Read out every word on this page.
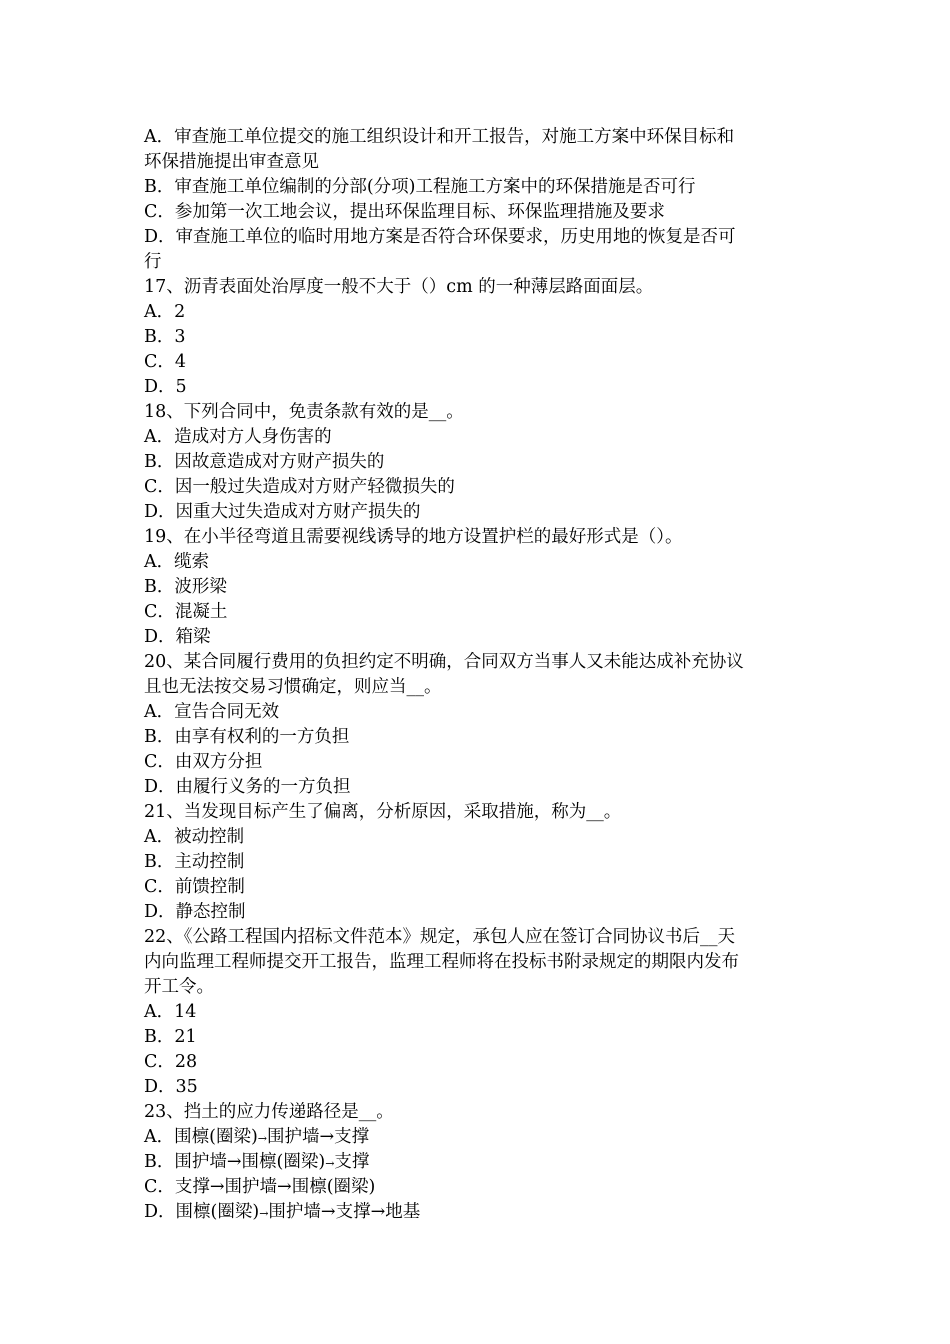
A．审查施工单位提交的施工组织设计和开工报告，对施工方案中环保目标和
环保措施提出审查意见
B．审查施工单位编制的分部(分项)工程施工方案中的环保措施是否可行
C．参加第一次工地会议，提出环保监理目标、环保监理措施及要求
D．审查施工单位的临时用地方案是否符合环保要求，历史用地的恢复是否可
行
17、沥青表面处治厚度一般不大于（）cm 的一种薄层路面面层。
A．2
B．3
C．4
D．5
18、下列合同中，免责条款有效的是__。
A．造成对方人身伤害的
B．因故意造成对方财产损失的
C．因一般过失造成对方财产轻微损失的
D．因重大过失造成对方财产损失的
19、在小半径弯道且需要视线诱导的地方设置护栏的最好形式是（）。
A．缆索
B．波形梁
C．混凝土
D．箱梁
20、某合同履行费用的负担约定不明确，合同双方当事人又未能达成补充协议
且也无法按交易习惯确定，则应当__。
A．宣告合同无效
B．由享有权利的一方负担
C．由双方分担
D．由履行义务的一方负担
21、当发现目标产生了偏离，分析原因，采取措施，称为__。
A．被动控制
B．主动控制
C．前馈控制
D．静态控制
22、《公路工程国内招标文件范本》规定，承包人应在签订合同协议书后__天
内向监理工程师提交开工报告，监理工程师将在投标书附录规定的期限内发布
开工令。
A．14
B．21
C．28
D．35
23、挡土的应力传递路径是__。
A．围檩(圈梁)→围护墙→支撑
B．围护墙→围檩(圈梁)→支撑
C．支撑→围护墙→围檩(圈梁)
D．围檩(圈梁)→围护墙→支撑→地基
